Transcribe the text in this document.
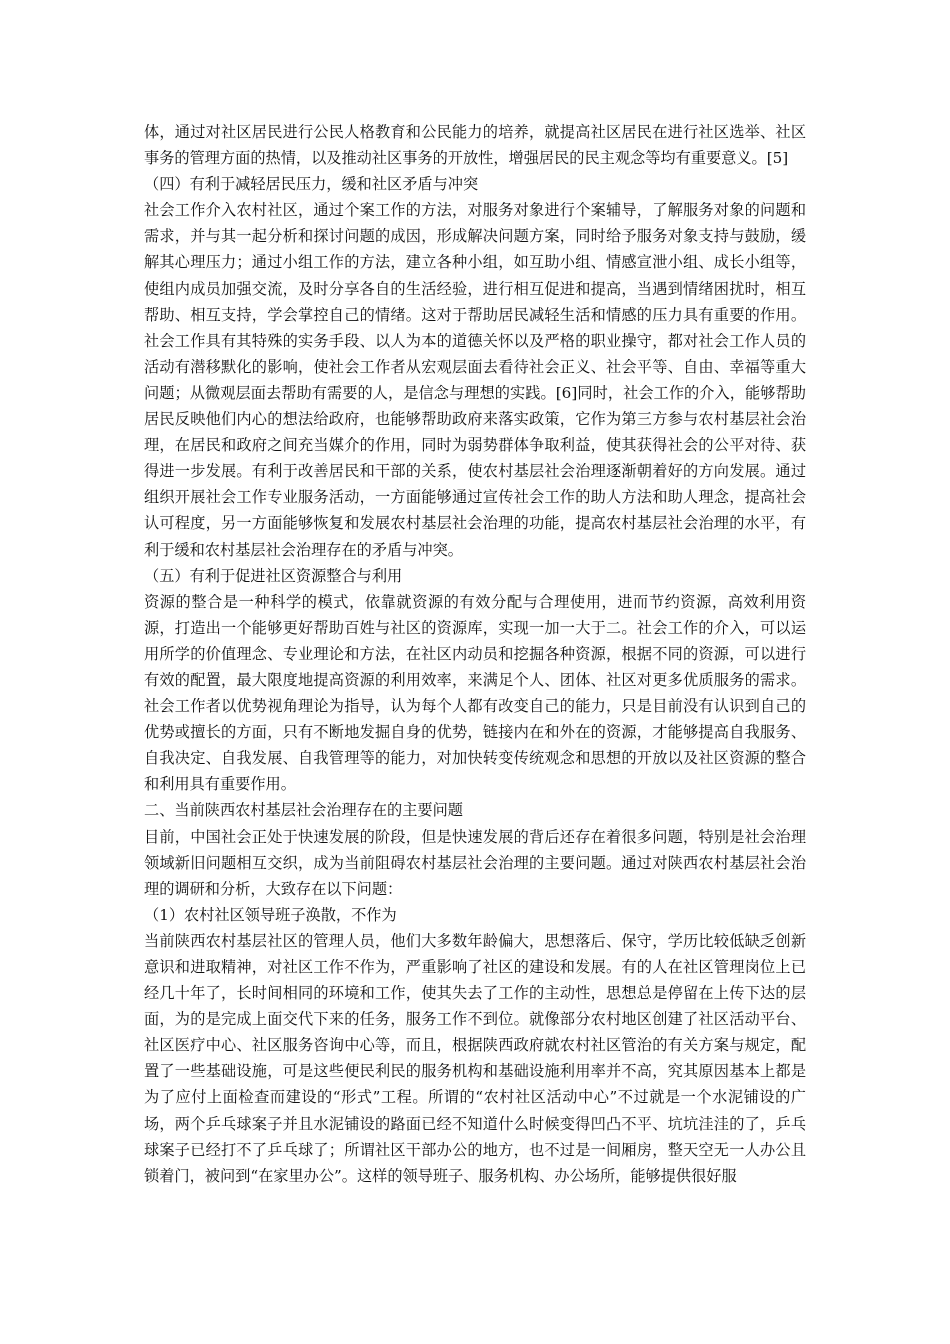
体，通过对社区居民进行公民人格教育和公民能力的培养，就提高社区居民在进行社区选举、社区事务的管理方面的热情，以及推动社区事务的开放性，增强居民的民主观念等均有重要意义。[5]

（四）有利于减轻居民压力，缓和社区矛盾与冲突

社会工作介入农村社区，通过个案工作的方法，对服务对象进行个案辅导，了解服务对象的问题和需求，并与其一起分析和探讨问题的成因，形成解决问题方案，同时给予服务对象支持与鼓励，缓解其心理压力；通过小组工作的方法，建立各种小组，如互助小组、情感宣泄小组、成长小组等，使组内成员加强交流，及时分享各自的生活经验，进行相互促进和提高，当遇到情绪困扰时，相互帮助、相互支持，学会掌控自己的情绪。这对于帮助居民减轻生活和情感的压力具有重要的作用。社会工作具有其特殊的实务手段、以人为本的道德关怀以及严格的职业操守，都对社会工作人员的活动有潜移默化的影响，使社会工作者从宏观层面去看待社会正义、社会平等、自由、幸福等重大问题；从微观层面去帮助有需要的人，是信念与理想的实践。[6]同时，社会工作的介入，能够帮助居民反映他们内心的想法给政府，也能够帮助政府来落实政策，它作为第三方参与农村基层社会治理，在居民和政府之间充当媒介的作用，同时为弱势群体争取利益，使其获得社会的公平对待、获得进一步发展。有利于改善居民和干部的关系，使农村基层社会治理逐渐朝着好的方向发展。通过组织开展社会工作专业服务活动，一方面能够通过宣传社会工作的助人方法和助人理念，提高社会认可程度，另一方面能够恢复和发展农村基层社会治理的功能，提高农村基层社会治理的水平，有利于缓和农村基层社会治理存在的矛盾与冲突。

（五）有利于促进社区资源整合与利用

资源的整合是一种科学的模式，依靠就资源的有效分配与合理使用，进而节约资源，高效利用资源，打造出一个能够更好帮助百姓与社区的资源库，实现一加一大于二。社会工作的介入，可以运用所学的价值理念、专业理论和方法，在社区内动员和挖掘各种资源，根据不同的资源，可以进行有效的配置，最大限度地提高资源的利用效率，来满足个人、团体、社区对更多优质服务的需求。社会工作者以优势视角理论为指导，认为每个人都有改变自己的能力，只是目前没有认识到自己的优势或擅长的方面，只有不断地发掘自身的优势，链接内在和外在的资源，才能够提高自我服务、自我决定、自我发展、自我管理等的能力，对加快转变传统观念和思想的开放以及社区资源的整合和利用具有重要作用。

二、当前陕西农村基层社会治理存在的主要问题

目前，中国社会正处于快速发展的阶段，但是快速发展的背后还存在着很多问题，特别是社会治理领域新旧问题相互交织，成为当前阻碍农村基层社会治理的主要问题。通过对陕西农村基层社会治理的调研和分析，大致存在以下问题：

（1）农村社区领导班子涣散，不作为

当前陕西农村基层社区的管理人员，他们大多数年龄偏大，思想落后、保守，学历比较低缺乏创新意识和进取精神，对社区工作不作为，严重影响了社区的建设和发展。有的人在社区管理岗位上已经几十年了，长时间相同的环境和工作，使其失去了工作的主动性，思想总是停留在上传下达的层面，为的是完成上面交代下来的任务，服务工作不到位。就像部分农村地区创建了社区活动平台、社区医疗中心、社区服务咨询中心等，而且，根据陕西政府就农村社区管治的有关方案与规定，配置了一些基础设施，可是这些便民利民的服务机构和基础设施利用率并不高，究其原因基本上都是为了应付上面检查而建设的“形式”工程。所谓的“农村社区活动中心”不过就是一个水泥铺设的广场，两个乒乓球案子并且水泥铺设的路面已经不知道什么时候变得凹凸不平、坑坑洼洼的了，乒乓球案子已经打不了乒乓球了；所谓社区干部办公的地方，也不过是一间厢房，整天空无一人办公且锁着门，被问到“在家里办公”。这样的领导班子、服务机构、办公场所，能够提供很好服
